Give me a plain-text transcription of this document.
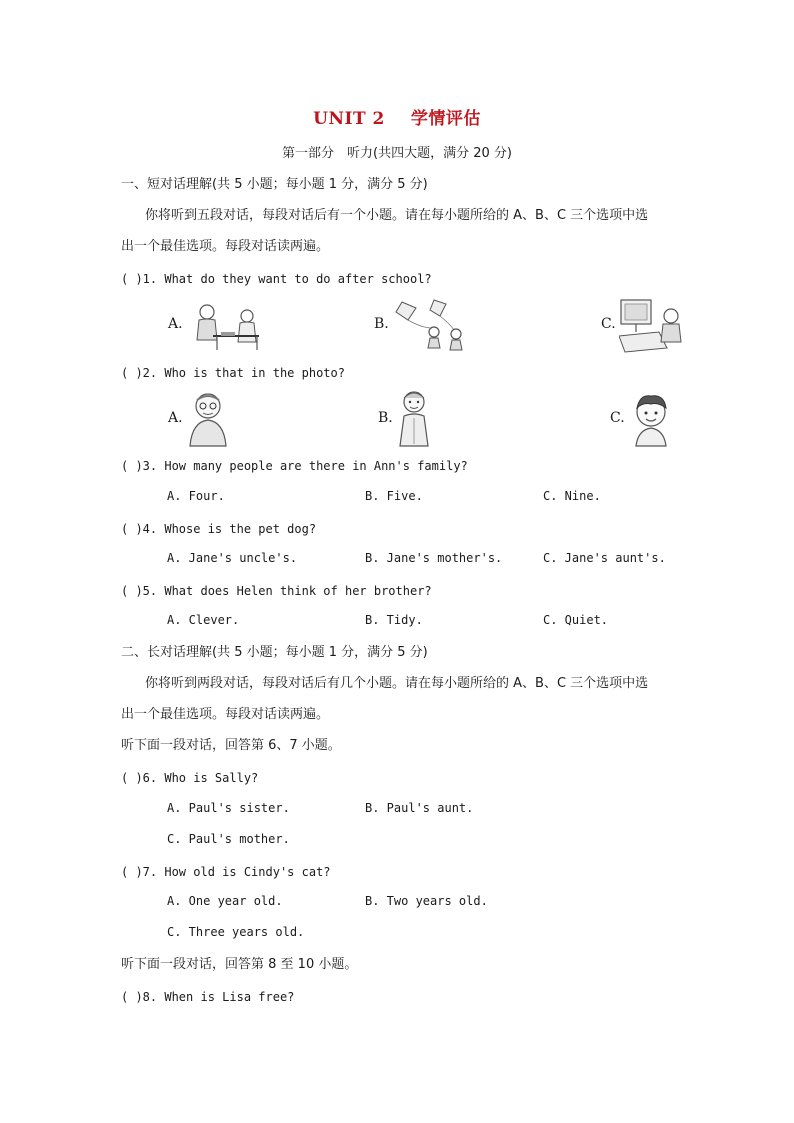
UNIT 2 学情评估
第一部分　听力(共四大题，满分 20 分)
一、短对话理解(共 5 小题；每小题 1 分，满分 5 分)
你将听到五段对话，每段对话后有一个小题。请在每小题所给的 A、B、C 三个选项中选
出一个最佳选项。每段对话读两遍。
( )1. What do they want to do after school?
A.	B.	C.
( )2. Who is that in the photo?
A.	B.	C.
( )3. How many people are there in Ann's family?
A. Four.	B. Five.	C. Nine.
( )4. Whose is the pet dog?
A. Jane's uncle's.	B. Jane's mother's.	C. Jane's aunt's.
( )5. What does Helen think of her brother?
A. Clever.	B. Tidy.	C. Quiet.
二、长对话理解(共 5 小题；每小题 1 分，满分 5 分)
你将听到两段对话，每段对话后有几个小题。请在每小题所给的 A、B、C 三个选项中选
出一个最佳选项。每段对话读两遍。
听下面一段对话，回答第 6、7 小题。
( )6. Who is Sally?
A. Paul's sister.	B. Paul's aunt.
C. Paul's mother.
( )7. How old is Cindy's cat?
A. One year old.	B. Two years old.
C. Three years old.
听下面一段对话，回答第 8 至 10 小题。
( )8. When is Lisa free?
